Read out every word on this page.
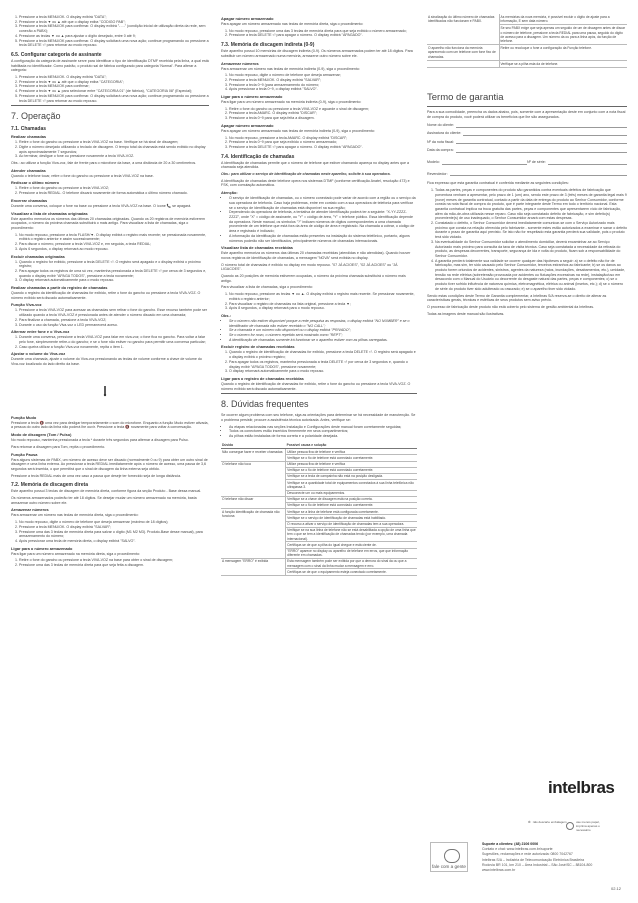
1. Pressione a tecla MENU/OK. O display exibirá "DATA";
2. Pressione a tecla ▼ ou ▲ até que o display exiba "CODIGO PAB";
3. Pressione a tecla MENU/OK para confirmar. O display exibirá "- - -" (condição inicial de utilização direta da rede, sem conexão a PABX);
4. Pressione as teclas ▼ ou ▲ para ajustar o dígito desejado, entre 0 até 9;
5. Pressione a tecla MENU/OK para confirmar. O display solicitará uma nova ação; continue programando ou pressione a tecla DELETE ⏎ para retornar ao modo repouso.
6.5. Configurar categoria de assinante

A configuração da categoria de assinante serve para identificar o tipo de identificação DTMF recebida pela linha, a qual está habilitada no identificador. Como padrão, o produto sai de fábrica configurado para categoria 'Normal'. Para alterar a categoria:

1. Pressione a tecla MENU/OK. O display exibirá "DATA";
2. Pressione a tecla ▼ ou ▲ até que o display exiba "CATEGORIA";
3. Pressione a tecla MENU/OK para confirmar;
4. Pressione a tecla ▼ ou ▲ para selecionar entre "CATEGORIA 01" (de fábrica), "CATEGORIA 08" (Especial);
5. Pressione a tecla MENU/OK para confirmar. O display solicitará uma nova ação; continue programando ou pressione a tecla DELETE ⏎ para retornar ao modo repouso.
7. Operação
7.1. Chamadas
Realizar chamadas
1. Retire o fone do gancho ou pressione a tecla VIVA-VOZ na base. Verifique se há sinal de discagem;
2. Digite o número desejado utilizando o teclado de discagem. O tempo total da chamada está sendo exibido no display após aproximadamente 7 segundos;
3. Ao terminar, desligue o fone ou pressione novamente a tecla VIVA-VOZ.

Obs.: ao utilizar a função Viva-voz, fale de frente para o microfone da base, a uma distância de 20 a 30 centímetros.

Atender chamadas

Quando o telefone tocar, retire o fone do gancho ou pressione a tecla VIVA-VOZ na base.

Rediscar o último número
1. Retire o fone do gancho ou pressione a tecla VIVA-VOZ;
2. Pressione a tecla REDIAL. O telefone discará novamente de forma automática o último número chamado.
Encerrar chamadas

Durante uma conversa, coloque o fone na base ou pressione a tecla VIVA-VOZ na base. O ícone 📞 se apagará.

Visualizar a lista de chamadas originadas

Este aparelho memoriza os números das últimas 20 chamadas originadas. Quando os 20 registros de memória estiverem ocupados, o número da próxima chamada substituirá o mais antigo. Para visualizar a lista de chamadas, siga o procedimento:

1. No modo repouso, pressione a tecla FLASH/▼. O display exibirá o registro mais recente; se pressionada novamente, exibirá o registro anterior e assim sucessivamente;
2. Para discar o número, pressione a tecla VIVA-VOZ e, em seguida, a tecla REDIAL;
3. Após 6 segundos, o display retornará ao modo repouso.
Excluir chamadas originadas
1. Quando o registro for exibido, pressione a tecla DELETE ⏎. O registro será apagado e o display exibirá o próximo registro;
2. Para apagar todos os registros de uma só vez, mantenha pressionada a tecla DELETE ⏎ por cerca de 3 segundos e, quando o display exibir "APAGA TODOS", pressione a tecla novamente;
3. O display retornará automaticamente para o modo repouso.
Realizar chamadas a partir do registro de chamadas

Quando o registro da identificação de chamadas for exibido, retire o fone do gancho ou pressione a tecla VIVA-VOZ. O número exibido será discado automaticamente.

Função Viva-voz
1. Pressione a tecla VIVA-VOZ para acessar as chamadas sem retirar o fone do gancho. Esse recurso também pode ser utilizado quando a tecla VIVA-VOZ é pressionada antes de atender o número discado em uma chamada;
2. Para finalizar a chamada, pressione a tecla VIVA-VOZ;
3. Durante o uso da função Viva-voz o LED permanecerá aceso.
Alternar entre fone e o Viva-voz
1. Durante uma conversa, pressione a tecla VIVA-VOZ para falar em viva-voz; o fone fica no gancho. Para voltar a falar pelo fone, simplesmente retire-o do gancho; e se o fone não estiver no gancho para permitir uma conversa particular;
2. Caso queira utilizar a função Viva-voz novamente, repita o item 1.
Ajustar o volume do Viva-voz

Durante uma chamada, ajuste o volume do Viva-voz pressionando as teclas de volume conforme a chave de volume do Viva-voz localizado do lado direito da base.

Função Mudo

Pressione a tecla 🔇 uma vez para desligar temporariamente o som do microfone. Enquanto a função Mudo estiver ativada, a pessoa do outro lado da linha não poderá lhe ouvir. Pressione a tecla 🔇 novamente para voltar à conversação.

Modo de discagem (Tom / Pulso)

No modo repouso, mantenha pressionada a tecla * durante três segundos para alternar a discagem para Pulso.

Para retornar a discagem para Tom, repita o procedimento.

Função Pausa

Para alguns sistemas de PABX, um número de acesso deve ser discado (normalmente 0 ou 9) para obter um outro sinal de discagem e uma linha externa. Ao pressionar a tecla REDIAL imediatamente após o número de acesso, uma pausa de 3,6 segundos será inserida, o que permitirá que o sinal de discagem da linha externa seja obtido.

Pressione a tecla REDIAL mais de uma vez caso a pausa que deseje ter fornecido seja de longa distância.

7.2. Memória de discagem direta

Este aparelho possui 3 teclas de discagem de memória direta, conforme figura da seção Produto - Base dessa manual.

Os números armazenados poderão ter até 18 dígitos. Se desejar mudar um número armazenado na memória, basta armazenar outro número sobre ele.

Armazenar números

Para armazenar um número nas teclas de memória direta, siga o procedimento:

1. No modo repouso, digite o número de telefone que deseja armazenar (máximo de 18 dígitos);
2. Pressione a tecla MENU/OK. O display exibirá "SALVAR";
3. Pressione uma das 3 teclas de memória direta para salvar o dígito (M1 M2 M3). Produto-Base desse manual), para armazenamento do número;
4. Após pressionar uma tecla de memória direta, o display exibirá "SALVO".
Ligar para o número armazenado

Para ligar para um número armazenado na memória direta, siga o procedimento:

1. Retire o fone do gancho ou pressione a tecla VIVA-VOZ na base para obter o sinal de discagem;
2. Pressione uma das 3 teclas de memória direta para que seja feita a discagem.
Apagar número armazenado

Para apagar um número armazenado nas teclas de memória direta, siga o procedimento:

1. No modo repouso, pressione uma das 3 teclas de memória direta para que seja exibido o número armazenado;
2. Pressione a tecla DELETE ⏎ para apagar o número. O display exibirá "APAGADO".
7.3. Memória de discagem indireta (0-9)

Este aparelho possui 10 memórias de discagem indireta (0-9). Os números armazenados podem ter até 18 dígitos. Para substituir um número armazenado numa memória, armazene outro número sobre ele.

Armazenar números

Para armazenar um número nas teclas de memória indireta (0-9), siga o procedimento:

1. No modo repouso, digite o número de telefone que deseja armazenar;
2. Pressione a tecla MENU/OK. O display exibirá "SALVAR";
3. Pressione a tecla 0~9 (para armazenamento do número;
4. Após pressionar a tecla 0~9, o display exibirá "SALVO".
Ligar para o número armazenado

Para ligar para um número armazenado na memória indireta (0-9), siga o procedimento:

1. Retire o fone do gancho ou pressione a tecla VIVA-VOZ e aguarde o sinal de discagem;
2. Pressione a tecla AMARC. O display exibirá "DISCAR";
3. Pressione a tecla 0~9 para que seja feita a discagem.
Apagar número armazenado

Para apagar um número armazenado nas teclas de memória indireta (0-9), siga o procedimento:

1. No modo repouso, pressione a tecla AMARC. O display exibirá "DISCAR";
2. Pressione a tecla 0~9 para que seja exibido o número armazenado;
3. Pressione a tecla DELETE ⏎ para apagar o número. O display exibirá "APAGADO".
7.4. Identificação de chamadas

A identificação de chamadas permite que o número de telefone que estiver chamando apareça no display antes que a chamada seja atendida.

Obs.: para utilizar o serviço de identificação de chamadas neste aparelho, solicite à sua operadora.

A identificação de chamadas deste telefone opera nos sistemas DTMF (conforme certificação Anatel, resolução 473) e FSK, com comutação automática.

Atenção:
• O serviço de identificação de chamadas, ou o número conectado pode variar de acordo com a região ou o serviço da sua operadora de telefonia. Caso haja problemas, entre em contato com a sua operadora de telefonia para verificar se o serviço de identificação de chamadas está disponível na sua região;
• Dependendo da operadora de telefonia, a tentativa de atender identificação poderá ter a seguinte: "X-YY-ZZZZ-ZZZZ", onde "X" = código de assinante, ou "Y" = código de área, "Y" = telefone público. Essa identificação depende da operadora. Neste manual, os símbolos "?" indicam números de dígitos correspondentes a uma chamada proveniente de um telefone que está fora da área de código de área e registrado. Na chamada a cobrar, o código de área e registrado é indicado;
• A informação da identificação de chamadas estão presentes na instalação do sistema telefônico, portanto, alguns números poderão não ser identificados, principalmente números de chamadas internacionais.
Visualizar lista de chamadas recebidas

Este aparelho memoriza os números das últimas 20 chamadas recebidas (atendidas e não atendidas). Quando houver novos registros de identificação de chamadas, a mensagem "NOVA" será exibida no display.

O número total de chamadas é exibido no display em modo repouso. "07 JÁ ACIOES", "02 JÁ ACIOES" ou "JÁ LIGACOES".

Quando as 20 posições de memória estiverem ocupadas, o número da próxima chamada substituirá o número mais antigo.

Para visualizar a lista de chamadas, siga o procedimento:

1. No modo repouso, pressione as teclas ▼ ou ▲. O display exibirá o registro mais recente. Se pressionar novamente, exibirá o registro anterior;
2. Para visualizar o registro de chamadas na lista original, pressione a tecla ▼;
3. Após 8 segundos, o display retornará para o modo repouso.
Obs.:
• Se o número não estiver disponível porque a rede pesquisa as respostas, o display exibirá "NO NUMBER" e se o identificador de chamada não estiver recebido o "NO CALL";
• Se a chamada e um número não disponível ou o display exibirá "PRIVADO";
• Se o número for novo, o número repetido será mostrado como "REPT";
• A identificação de chamadas somente irá funcionar se o aparelho estiver com as pilhas carregadas.
Excluir registro de chamadas recebidas
1. Quando o registro de identificação de chamadas for exibido, pressione a tecla DELETE ⏎. O registro será apagado e o display exibirá o próximo registro;
2. Para apagar todos os registros, mantenha pressionada a tecla DELETE ⏎ por cerca de 3 segundos e, quando o display exibir "APAGA TODOS", pressione novamente;
3. O display retornará automaticamente para o modo repouso.
Ligar para o registro de chamadas recebidas

Quando o registro de identificação de chamadas for exibido, retire o fone do gancho ou pressione a tecla VIVA-VOZ. O número exibido será discado automaticamente.

8. Dúvidas frequentes

Se ocorrer algum problema com seu telefone, siga as orientações para determinar se há necessidade de manutenção. Se o problema persistir, procure a assistência técnica autorizada. Antes, verifique se:

• As etapas relacionadas nas seções Instalação e Configurações deste manual foram corretamente seguidas;
• Todos os conectores estão inseridos firmemente em seus compartimentos;
• As pilhas estão instaladas de forma correta e a polaridade desejada.
Dúvida	Possível causa e solução
Não consegue fazer e receber chamadas	Utilize pessoa fixa de telefone e verifica
	Verifique se o fio de telefone está conectado corretamente.
O telefone não toca	Utilize pessoa fixa de telefone e verifica
	Verifique se o fio de telefone está conectado corretamente.
	Verifique se a tecla de campainha não está na posição desligada.
	Verifique se a quantidade total de equipamentos conectados à sua linha telefônica não ultrapassa 3.
	Desconecte um ou mais equipamentos.
O telefone não discar	Verifique se a chave de discagem está na posição correta.
	Verifique se o fio de telefone está conectado corretamente.
A função identificação de chamada não funciona	Verifique se a linha de telefone está configurada corretamente.
	Verifique se o serviço de identificação de chamadas está habilitado.
	O recurso a ativar o serviço de identificação de chamadas tem a sua operadora.
	Verifique se na sua linha de telefone não se está desabilitada a opção de uma linha que tem o que se tem a identificação de chamadas tendo (por exemplo, uma chamada internacional).
	Certifique-se de que a pilha do igual chegue e está ciente de.
	"ERRO" aparece no display ou aparelho de telefone em erros, que que informação diferente em chamadas.
A mensagem "ERRO" é exibida	Esta mensagem também pode ser exibida por que a demora do sinal da ou que a mensagem com o sinal da linha mudar a mensagem e erro.
	Certifique-se de que o equipamento esteja conectado corretamente.
A sinalização do último número de chamadas identificados não funcionam e PABX.	As memórias da nova memória, é possível excluir o dígito de ajuste para a informação, E sem data número.
	Se seu PABX exige que seja apenas um seguido de um de discagem antes de discar o número de telefone, pressione a tecla REDIAL para uma pausa, seguido do dígito de acesso para a discagem. Um número da ou para a linha após, da função de telefone.
O aparelho não funciona da memória aparecendo com um telefone com fone fixo de chamadas.	Retire ou recoloque o fone a configuração da Função telefone.
	Verifique se a pilha esta da de telefone.
Termo de garantia

Para a sua comodidade, preencha os dados abaixo, pois, somente com a apresentação deste em conjunto com a nota fiscal de compra do produto, você poderá utilizar os benefícios que lhe são assegurados.

Nome do cliente:
Assinatura do cliente:
Nº da nota fiscal:
Data da compra:
Modelo:	Nº de série:
Revendedor:

Fica expresso que esta garantia contratual é conferida mediante as seguintes condições:

1. Todas as partes, peças e componentes do produto são garantidos contra eventuais defeitos de fabricação que porventura venham a apresentar, pelo prazo de 1 (um) ano, sendo este prazo de 3 (três) meses de garantia legal mais 9 (nove) meses de garantia contratual, contado a partir da data de entrega do produto ao Senhor Consumidor, conforme consta na nota fiscal de compra do produto, que é parte integrante deste Termo em todo o território nacional. Esta garantia contratual implica na troca gratuita das partes, peças e componentes que apresentarem vício de fabricação, além da mão-de-obra utilizada nesse reparo. Caso não seja constatado defeito de fabricação, e sim defeito(s) proveniente(s) de uso inadequado, o Senhor Consumidor arcará com estas despesas.
2. Constatado o defeito, o Senhor Consumidor deverá imediatamente comunicar-se com o Serviço Autorizado mais próximo que consta na relação oferecida pelo fabricante - somente estes estão autorizados a examinar e sanar o defeito durante o prazo de garantia aqui previsto. Se isto não for respeitado esta garantia perderá sua validade, pois o produto terá sido violado.
3. Na eventualidade do Senhor Consumidor solicitar o atendimento domiciliar, deverá encaminhar-se ao Serviço Autorizado mais próximo para consulta da taxa de visita técnica. Caso seja constatada a necessidade da retirada do produto, as despesas decorrentes, transporte, segurança de ida e volta do produto, ficam sob a responsabilidade do Senhor Consumidor.
4. A garantia perderá totalmente sua validade se ocorrer qualquer das hipóteses a seguir: a) se o defeito não for de fabricação, mas sim, ter sido causado pelo Senhor Consumidor, terceiros estranhos ao fabricante; b) se os danos ao produto forem oriundos de acidentes, sinistros, agentes da natureza (raios, inundações, desabamentos, etc.), umidade, tensão na rede elétrica (sobretensão provocada por acidentes ou flutuações excessivas na rede), instalação/uso em desacordo com o Manual do Usuário ou decorrente do desgaste natural das partes, peças e componentes; c) se o produto tiver sofrido influência de natureza química, eletromagnética, elétrica ou animal (insetos, etc.); d) se o número de série do produto tiver sido adulterado ou rasurado; e) se o aparelho tiver sido violado.

Sendo estas condições deste Termo de Garantia complementar, a Intelbras S/A reserva-se o direito de alterar as características gerais, técnicas e estéticas de seus produtos sem aviso prévio.

O processo de fabricação deste produto não está coberto pelo sistema de gestão ambiental da Intelbras.

Todas as imagens deste manual são ilustrativas.

intelbras
♻ não descarte embalagem	use menos papel, imprima apenas o necessário
fale com a gente
Suporte a clientes: (48) 2106 0006
Contato e chat: www.intelbras.com.br/suporte
Sugestões, reclamações e rede autorizada: 0800 7042767
Intelbras S/A – Indústria de Telecomunicação Eletrônica Brasileira
Rodovia BR 101, km 210 – Área Industrial – São José/SC – 88104-800
www.intelbras.com.br
02.12
